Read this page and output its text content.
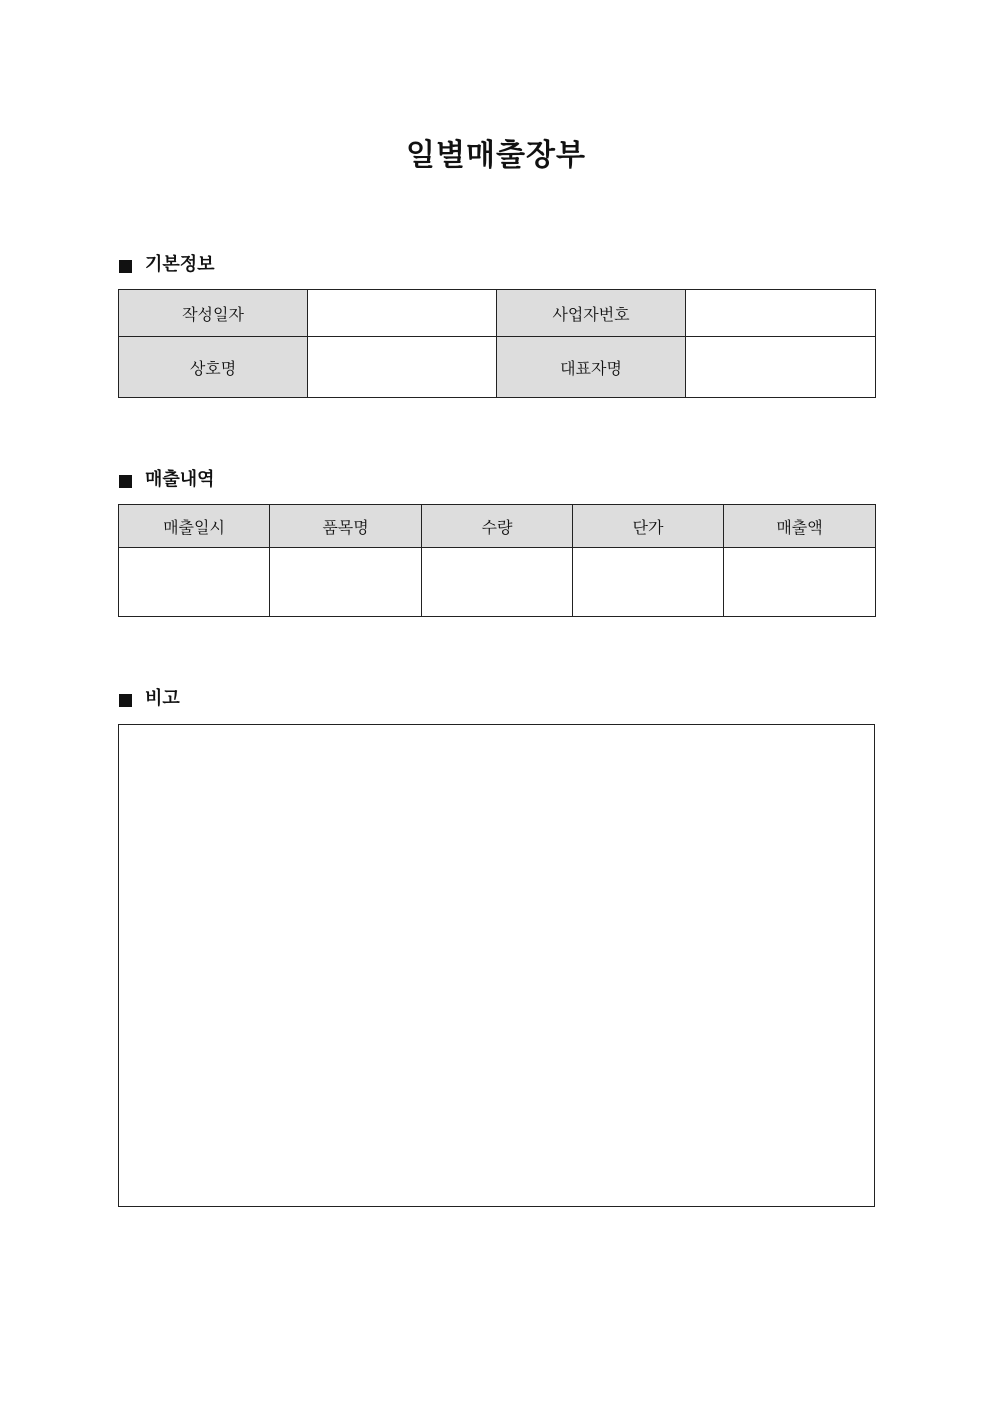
일별매출장부
기본정보
작성일자		사업자번호	
상호명		대표자명	
매출내역
매출일시	품목명	수량	단가	매출액

비고
